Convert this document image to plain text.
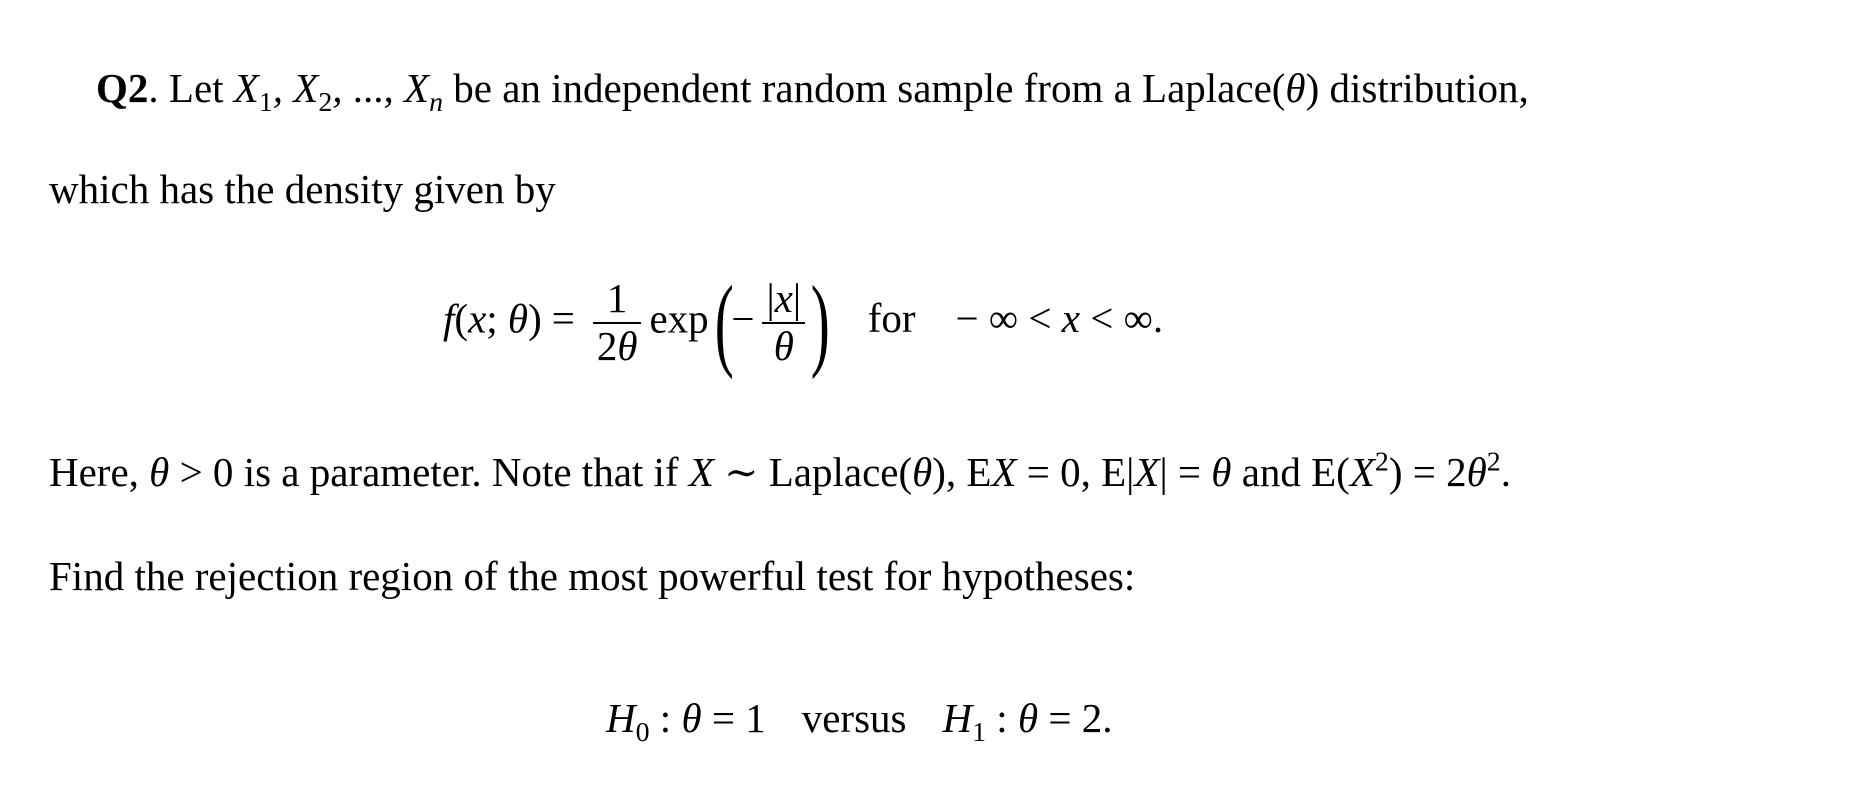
Q2. Let $X_1$, $X_2$, ..., $X_n$ be an independent random sample from a Laplace(θ) distribution,
which has the density given by
f(x; $\theta) = \frac{1}{2\theta} \exp(- \frac{|x|}{\theta}$ ) for − ∞ < x < ∞.
Here, θ > 0 is a parameter. Note that if X ∼ Laplace(θ), EX = 0, E|X| = θ and $E(X^2) = 2\theta^2$.
Find the rejection region of the most powerful test for hypotheses:
$H_0$ : θ = 1 versus $H_1$ : θ = 2.
